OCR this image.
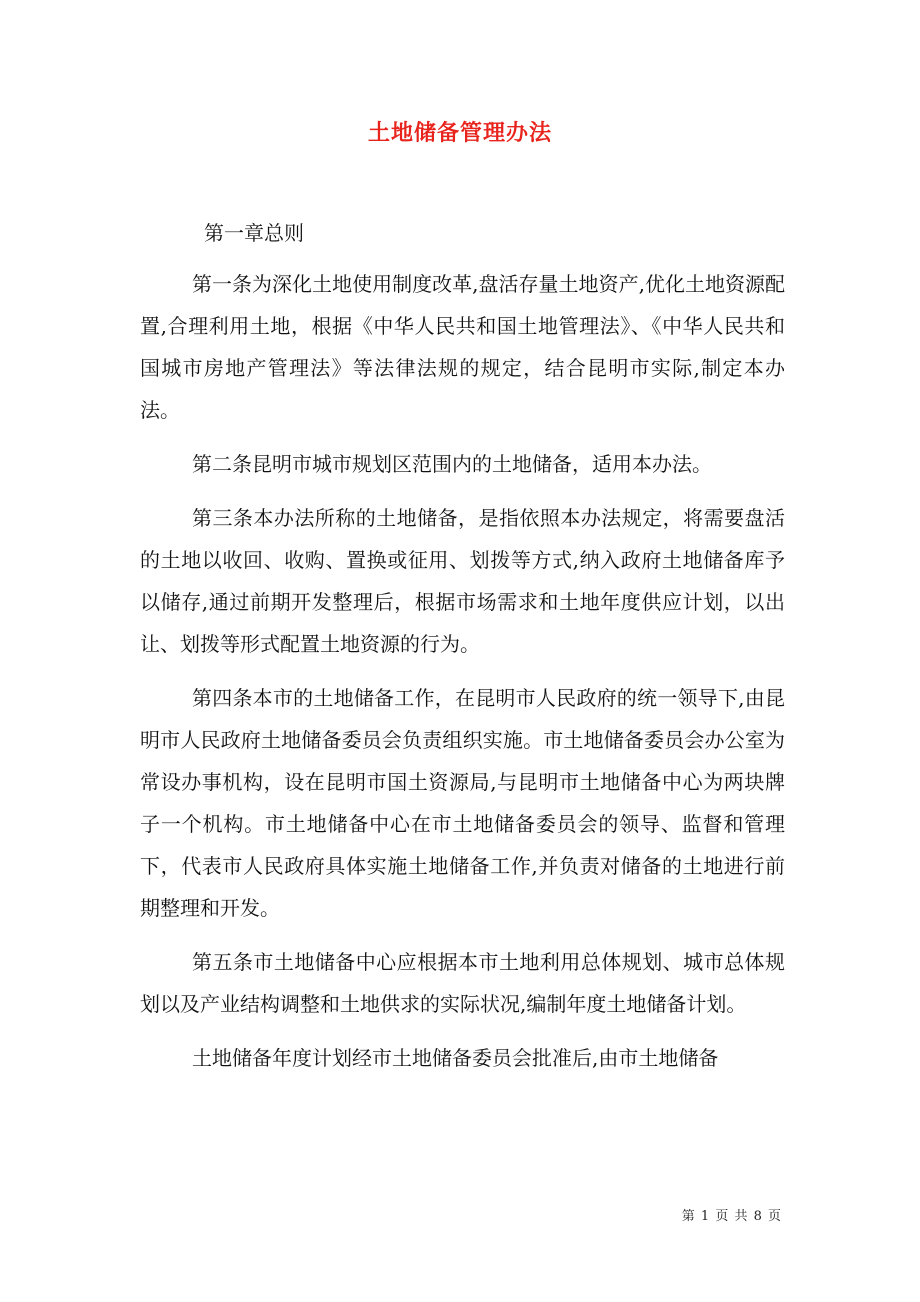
土地储备管理办法

第一章总则

第一条为深化土地使用制度改革,盘活存量土地资产,优化土地资源配置,合理利用土地，根据《中华人民共和国土地管理法》、《中华人民共和国城市房地产管理法》等法律法规的规定，结合昆明市实际,制定本办法。

第二条昆明市城市规划区范围内的土地储备，适用本办法。

第三条本办法所称的土地储备，是指依照本办法规定，将需要盘活的土地以收回、收购、置换或征用、划拨等方式,纳入政府土地储备库予以储存,通过前期开发整理后，根据市场需求和土地年度供应计划，以出让、划拨等形式配置土地资源的行为。

第四条本市的土地储备工作，在昆明市人民政府的统一领导下,由昆明市人民政府土地储备委员会负责组织实施。市土地储备委员会办公室为常设办事机构，设在昆明市国土资源局,与昆明市土地储备中心为两块牌子一个机构。市土地储备中心在市土地储备委员会的领导、监督和管理下，代表市人民政府具体实施土地储备工作,并负责对储备的土地进行前期整理和开发。

第五条市土地储备中心应根据本市土地利用总体规划、城市总体规划以及产业结构调整和土地供求的实际状况,编制年度土地储备计划。

土地储备年度计划经市土地储备委员会批准后,由市土地储备

第 1 页 共 8 页
